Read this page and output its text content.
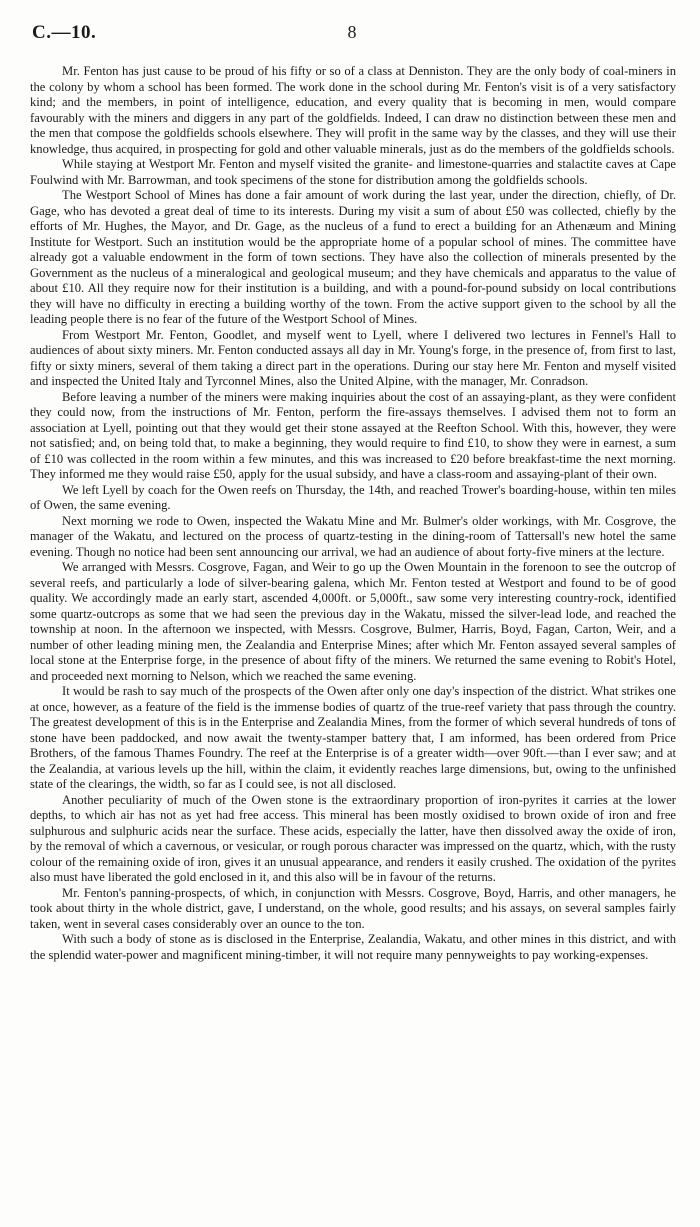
C.—10.	8

Mr. Fenton has just cause to be proud of his fifty or so of a class at Denniston. They are the only body of coal-miners in the colony by whom a school has been formed. The work done in the school during Mr. Fenton's visit is of a very satisfactory kind; and the members, in point of intelligence, education, and every quality that is becoming in men, would compare favourably with the miners and diggers in any part of the goldfields. Indeed, I can draw no distinction between these men and the men that compose the goldfields schools elsewhere. They will profit in the same way by the classes, and they will use their knowledge, thus acquired, in prospecting for gold and other valuable minerals, just as do the members of the goldfields schools.

While staying at Westport Mr. Fenton and myself visited the granite- and limestone-quarries and stalactite caves at Cape Foulwind with Mr. Barrowman, and took specimens of the stone for distribution among the goldfields schools.

The Westport School of Mines has done a fair amount of work during the last year, under the direction, chiefly, of Dr. Gage, who has devoted a great deal of time to its interests. During my visit a sum of about £50 was collected, chiefly by the efforts of Mr. Hughes, the Mayor, and Dr. Gage, as the nucleus of a fund to erect a building for an Athenæum and Mining Institute for Westport. Such an institution would be the appropriate home of a popular school of mines. The committee have already got a valuable endowment in the form of town sections. They have also the collection of minerals presented by the Government as the nucleus of a mineralogical and geological museum; and they have chemicals and apparatus to the value of about £10. All they require now for their institution is a building, and with a pound-for-pound subsidy on local contributions they will have no difficulty in erecting a building worthy of the town. From the active support given to the school by all the leading people there is no fear of the future of the Westport School of Mines.

From Westport Mr. Fenton, Goodlet, and myself went to Lyell, where I delivered two lectures in Fennel's Hall to audiences of about sixty miners. Mr. Fenton conducted assays all day in Mr. Young's forge, in the presence of, from first to last, fifty or sixty miners, several of them taking a direct part in the operations. During our stay here Mr. Fenton and myself visited and inspected the United Italy and Tyrconnel Mines, also the United Alpine, with the manager, Mr. Conradson.

Before leaving a number of the miners were making inquiries about the cost of an assaying-plant, as they were confident they could now, from the instructions of Mr. Fenton, perform the fire-assays themselves. I advised them not to form an association at Lyell, pointing out that they would get their stone assayed at the Reefton School. With this, however, they were not satisfied; and, on being told that, to make a beginning, they would require to find £10, to show they were in earnest, a sum of £10 was collected in the room within a few minutes, and this was increased to £20 before breakfast-time the next morning. They informed me they would raise £50, apply for the usual subsidy, and have a class-room and assaying-plant of their own.

We left Lyell by coach for the Owen reefs on Thursday, the 14th, and reached Trower's boarding-house, within ten miles of Owen, the same evening.

Next morning we rode to Owen, inspected the Wakatu Mine and Mr. Bulmer's older workings, with Mr. Cosgrove, the manager of the Wakatu, and lectured on the process of quartz-testing in the dining-room of Tattersall's new hotel the same evening. Though no notice had been sent announcing our arrival, we had an audience of about forty-five miners at the lecture.

We arranged with Messrs. Cosgrove, Fagan, and Weir to go up the Owen Mountain in the forenoon to see the outcrop of several reefs, and particularly a lode of silver-bearing galena, which Mr. Fenton tested at Westport and found to be of good quality. We accordingly made an early start, ascended 4,000ft. or 5,000ft., saw some very interesting country-rock, identified some quartz-outcrops as some that we had seen the previous day in the Wakatu, missed the silver-lead lode, and reached the township at noon. In the afternoon we inspected, with Messrs. Cosgrove, Bulmer, Harris, Boyd, Fagan, Carton, Weir, and a number of other leading mining men, the Zealandia and Enterprise Mines; after which Mr. Fenton assayed several samples of local stone at the Enterprise forge, in the presence of about fifty of the miners. We returned the same evening to Robit's Hotel, and proceeded next morning to Nelson, which we reached the same evening.

It would be rash to say much of the prospects of the Owen after only one day's inspection of the district. What strikes one at once, however, as a feature of the field is the immense bodies of quartz of the true-reef variety that pass through the country. The greatest development of this is in the Enterprise and Zealandia Mines, from the former of which several hundreds of tons of stone have been paddocked, and now await the twenty-stamper battery that, I am informed, has been ordered from Price Brothers, of the famous Thames Foundry. The reef at the Enterprise is of a greater width—over 90ft.—than I ever saw; and at the Zealandia, at various levels up the hill, within the claim, it evidently reaches large dimensions, but, owing to the unfinished state of the clearings, the width, so far as I could see, is not all disclosed.

Another peculiarity of much of the Owen stone is the extraordinary proportion of iron-pyrites it carries at the lower depths, to which air has not as yet had free access. This mineral has been mostly oxidised to brown oxide of iron and free sulphurous and sulphuric acids near the surface. These acids, especially the latter, have then dissolved away the oxide of iron, by the removal of which a cavernous, or vesicular, or rough porous character was impressed on the quartz, which, with the rusty colour of the remaining oxide of iron, gives it an unusual appearance, and renders it easily crushed. The oxidation of the pyrites also must have liberated the gold enclosed in it, and this also will be in favour of the returns.

Mr. Fenton's panning-prospects, of which, in conjunction with Messrs. Cosgrove, Boyd, Harris, and other managers, he took about thirty in the whole district, gave, I understand, on the whole, good results; and his assays, on several samples fairly taken, went in several cases considerably over an ounce to the ton.

With such a body of stone as is disclosed in the Enterprise, Zealandia, Wakatu, and other mines in this district, and with the splendid water-power and magnificent mining-timber, it will not require many pennyweights to pay working-expenses.
